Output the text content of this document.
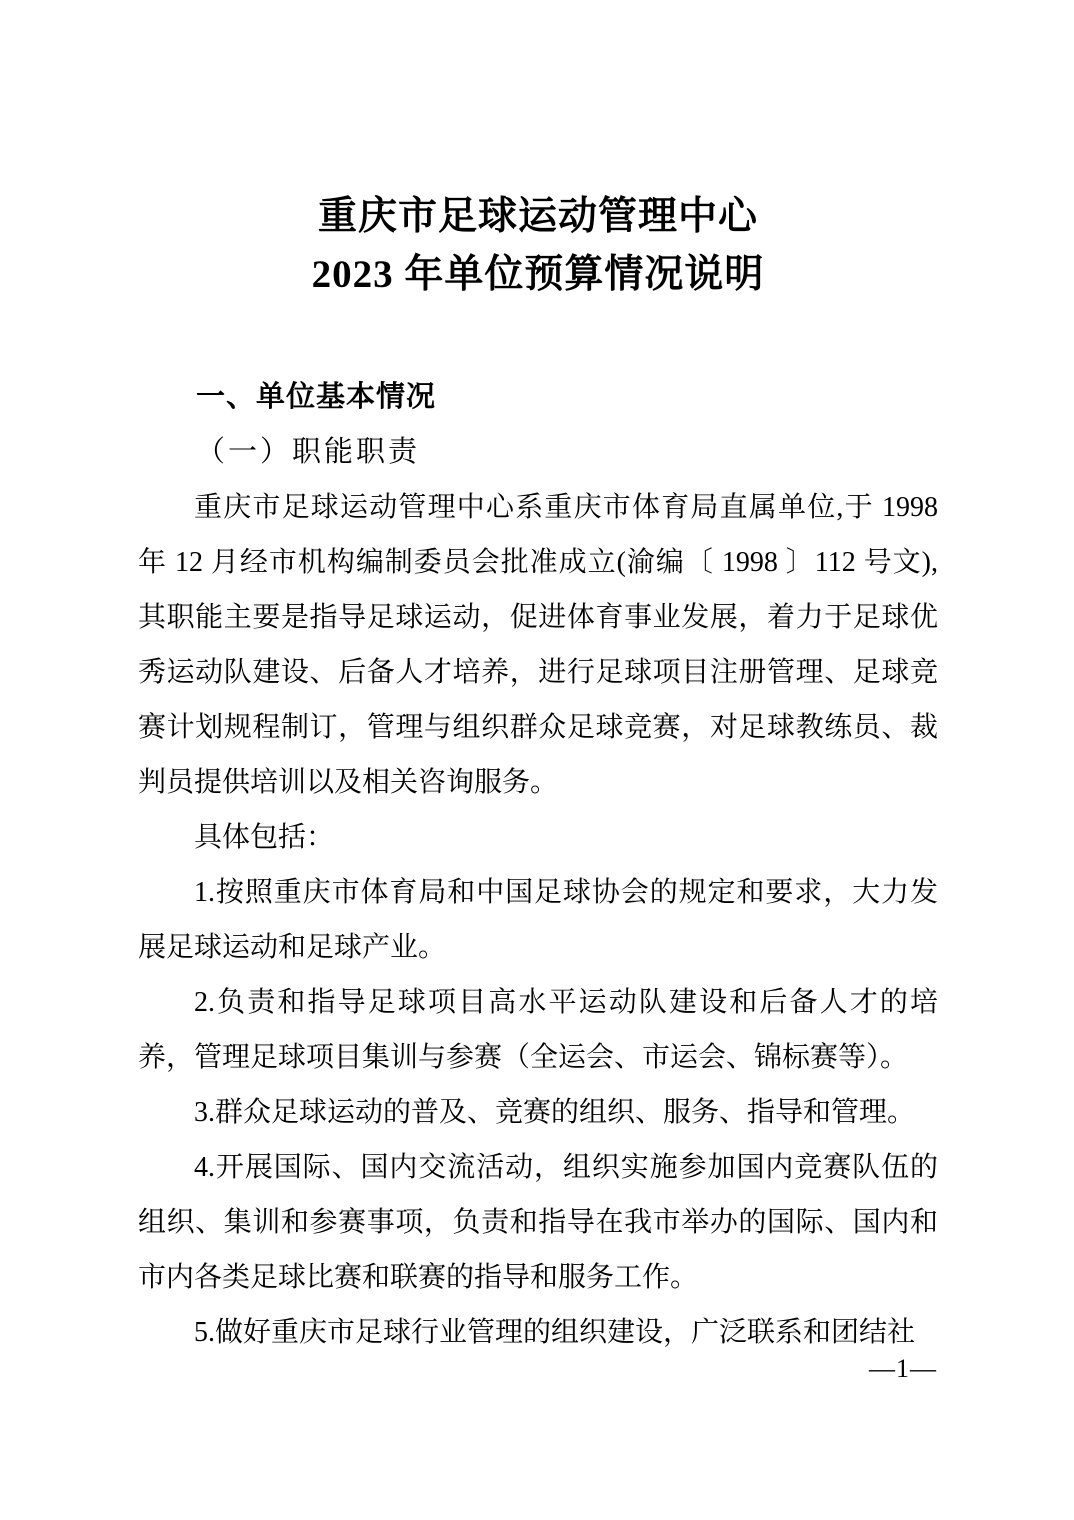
重庆市足球运动管理中心
2023 年单位预算情况说明
一、单位基本情况
（一）职能职责

重庆市足球运动管理中心系重庆市体育局直属单位,于 1998 年 12 月经市机构编制委员会批准成立(渝编〔 1998 〕112 号文),其职能主要是指导足球运动，促进体育事业发展，着力于足球优秀运动队建设、后备人才培养，进行足球项目注册管理、足球竞赛计划规程制订，管理与组织群众足球竞赛，对足球教练员、裁判员提供培训以及相关咨询服务。

具体包括：

1.按照重庆市体育局和中国足球协会的规定和要求，大力发展足球运动和足球产业。

2.负责和指导足球项目高水平运动队建设和后备人才的培养，管理足球项目集训与参赛（全运会、市运会、锦标赛等）。

3.群众足球运动的普及、竞赛的组织、服务、指导和管理。

4.开展国际、国内交流活动，组织实施参加国内竞赛队伍的组织、集训和参赛事项，负责和指导在我市举办的国际、国内和市内各类足球比赛和联赛的指导和服务工作。

5.做好重庆市足球行业管理的组织建设，广泛联系和团结社

—1—
